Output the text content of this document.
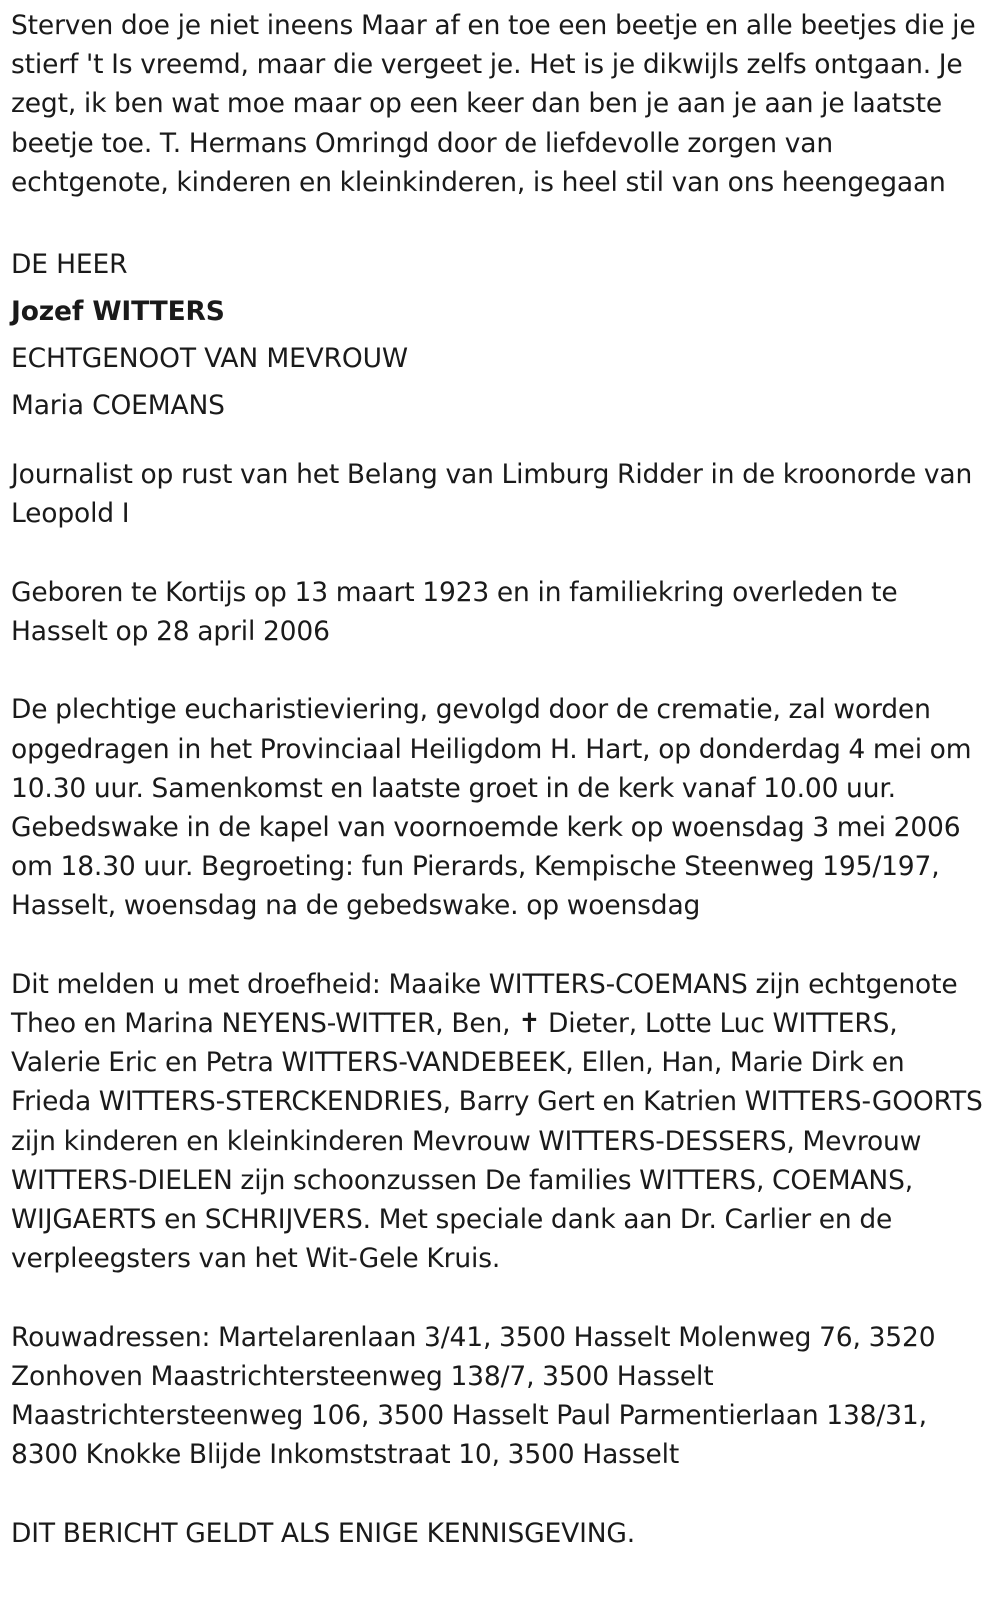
Sterven doe je niet ineens Maar af en toe een beetje en alle beetjes die je stierf 't Is vreemd, maar die vergeet je. Het is je dikwijls zelfs ontgaan. Je zegt, ik ben wat moe maar op een keer dan ben je aan je aan je laatste beetje toe. T. Hermans Omringd door de liefdevolle zorgen van echtgenote, kinderen en kleinkinderen, is heel stil van ons heengegaan

DE HEER

Jozef WITTERS

ECHTGENOOT VAN MEVROUW

Maria COEMANS

Journalist op rust van het Belang van Limburg Ridder in de kroonorde van Leopold I

Geboren te Kortijs op 13 maart 1923 en in familiekring overleden te Hasselt op 28 april 2006

De plechtige eucharistieviering, gevolgd door de crematie, zal worden opgedragen in het Provinciaal Heiligdom H. Hart, op donderdag 4 mei om 10.30 uur. Samenkomst en laatste groet in de kerk vanaf 10.00 uur. Gebedswake in de kapel van voornoemde kerk op woensdag 3 mei 2006 om 18.30 uur. Begroeting: fun Pierards, Kempische Steenweg 195/197, Hasselt, woensdag na de gebedswake. op woensdag

Dit melden u met droefheid: Maaike WITTERS-COEMANS zijn echtgenote Theo en Marina NEYENS-WITTER, Ben, ✝ Dieter, Lotte Luc WITTERS, Valerie Eric en Petra WITTERS-VANDEBEEK, Ellen, Han, Marie Dirk en Frieda WITTERS-STERCKENDRIES, Barry Gert en Katrien WITTERS-GOORTS zijn kinderen en kleinkinderen Mevrouw WITTERS-DESSERS, Mevrouw WITTERS-DIELEN zijn schoonzussen De families WITTERS, COEMANS, WIJGAERTS en SCHRIJVERS. Met speciale dank aan Dr. Carlier en de verpleegsters van het Wit-Gele Kruis.

Rouwadressen: Martelarenlaan 3/41, 3500 Hasselt Molenweg 76, 3520 Zonhoven Maastrichtersteenweg 138/7, 3500 Hasselt Maastrichtersteenweg 106, 3500 Hasselt Paul Parmentierlaan 138/31, 8300 Knokke Blijde Inkomststraat 10, 3500 Hasselt

DIT BERICHT GELDT ALS ENIGE KENNISGEVING.
